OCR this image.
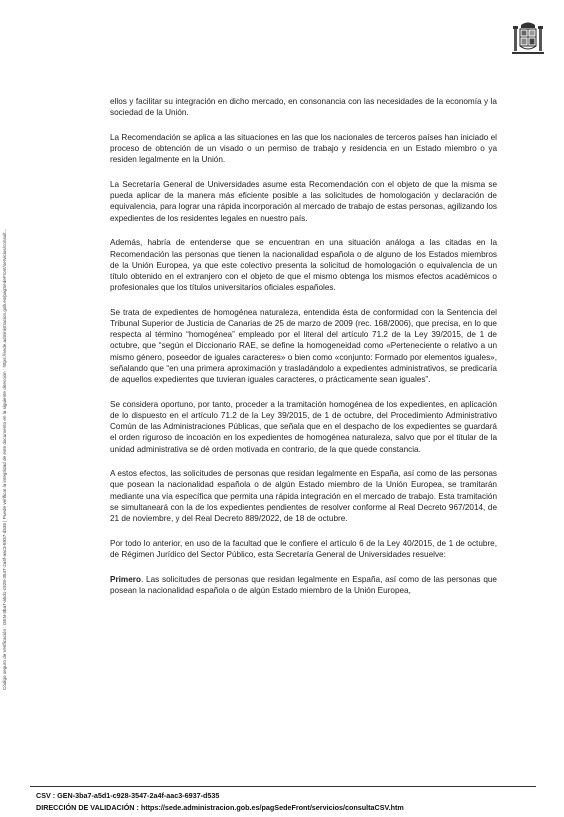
Código seguro de Verificación : GEN-3ba7-a5d1-c928-3547-2a4f-aac3-6937-d535 | Puede verificar la integridad de este documento en la siguiente dirección : https://sede.administracion.gob.es/pagSedeFront/servicios/consult...

ellos y facilitar su integración en dicho mercado, en consonancia con las necesidades de la economía y la sociedad de la Unión.

La Recomendación se aplica a las situaciones en las que los nacionales de terceros países han iniciado el proceso de obtención de un visado o un permiso de trabajo y residencia en un Estado miembro o ya residen legalmente en la Unión.

La Secretaría General de Universidades asume esta Recomendación con el objeto de que la misma se pueda aplicar de la manera más eficiente posible a las solicitudes de homologación y declaración de equivalencia, para lograr una rápida incorporación al mercado de trabajo de estas personas, agilizando los expedientes de los residentes legales en nuestro país.

Además, habría de entenderse que se encuentran en una situación análoga a las citadas en la Recomendación las personas que tienen la nacionalidad española o de alguno de los Estados miembros de la Unión Europea, ya que este colectivo presenta la solicitud de homologación o equivalencia de un título obtenido en el extranjero con el objeto de que el mismo obtenga los mismos efectos académicos o profesionales que los títulos universitarios oficiales españoles.

Se trata de expedientes de homogénea naturaleza, entendida ésta de conformidad con la Sentencia del Tribunal Superior de Justicia de Canarias de 25 de marzo de 2009 (rec. 168/2006), que precisa, en lo que respecta al término “homogénea” empleado por el literal del artículo 71.2 de la Ley 39/2015, de 1 de octubre, que “según el Diccionario RAE, se define la homogeneidad como «Perteneciente o relativo a un mismo género, poseedor de iguales caracteres» o bien como «conjunto: Formado por elementos iguales», señalando que “en una primera aproximación y trasladándolo a expedientes administrativos, se predicaría de aquellos expedientes que tuvieran iguales caracteres, o prácticamente sean iguales”.

Se considera oportuno, por tanto, proceder a la tramitación homogénea de los expedientes, en aplicación de lo dispuesto en el artículo 71.2 de la Ley 39/2015, de 1 de octubre, del Procedimiento Administrativo Común de las Administraciones Públicas, que señala que en el despacho de los expedientes se guardará el orden riguroso de incoación en los expedientes de homogénea naturaleza, salvo que por el titular de la unidad administrativa se dé orden motivada en contrario, de la que quede constancia.

A estos efectos, las solicitudes de personas que residan legalmente en España, así como de las personas que posean la nacionalidad española o de algún Estado miembro de la Unión Europea, se tramitarán mediante una vía específica que permita una rápida integración en el mercado de trabajo. Esta tramitación se simultaneará con la de los expedientes pendientes de resolver conforme al Real Decreto 967/2014, de 21 de noviembre, y del Real Decreto 889/2022, de 18 de octubre.

Por todo lo anterior, en uso de la facultad que le confiere el artículo 6 de la Ley 40/2015, de 1 de octubre, de Régimen Jurídico del Sector Público, esta Secretaría General de Universidades resuelve:

Primero. Las solicitudes de personas que residan legalmente en España, así como de las personas que posean la nacionalidad española o de algún Estado miembro de la Unión Europea,

CSV : GEN-3ba7-a5d1-c928-3547-2a4f-aac3-6937-d535
DIRECCIÓN DE VALIDACIÓN : https://sede.administracion.gob.es/pagSedeFront/servicios/consultaCSV.htm
